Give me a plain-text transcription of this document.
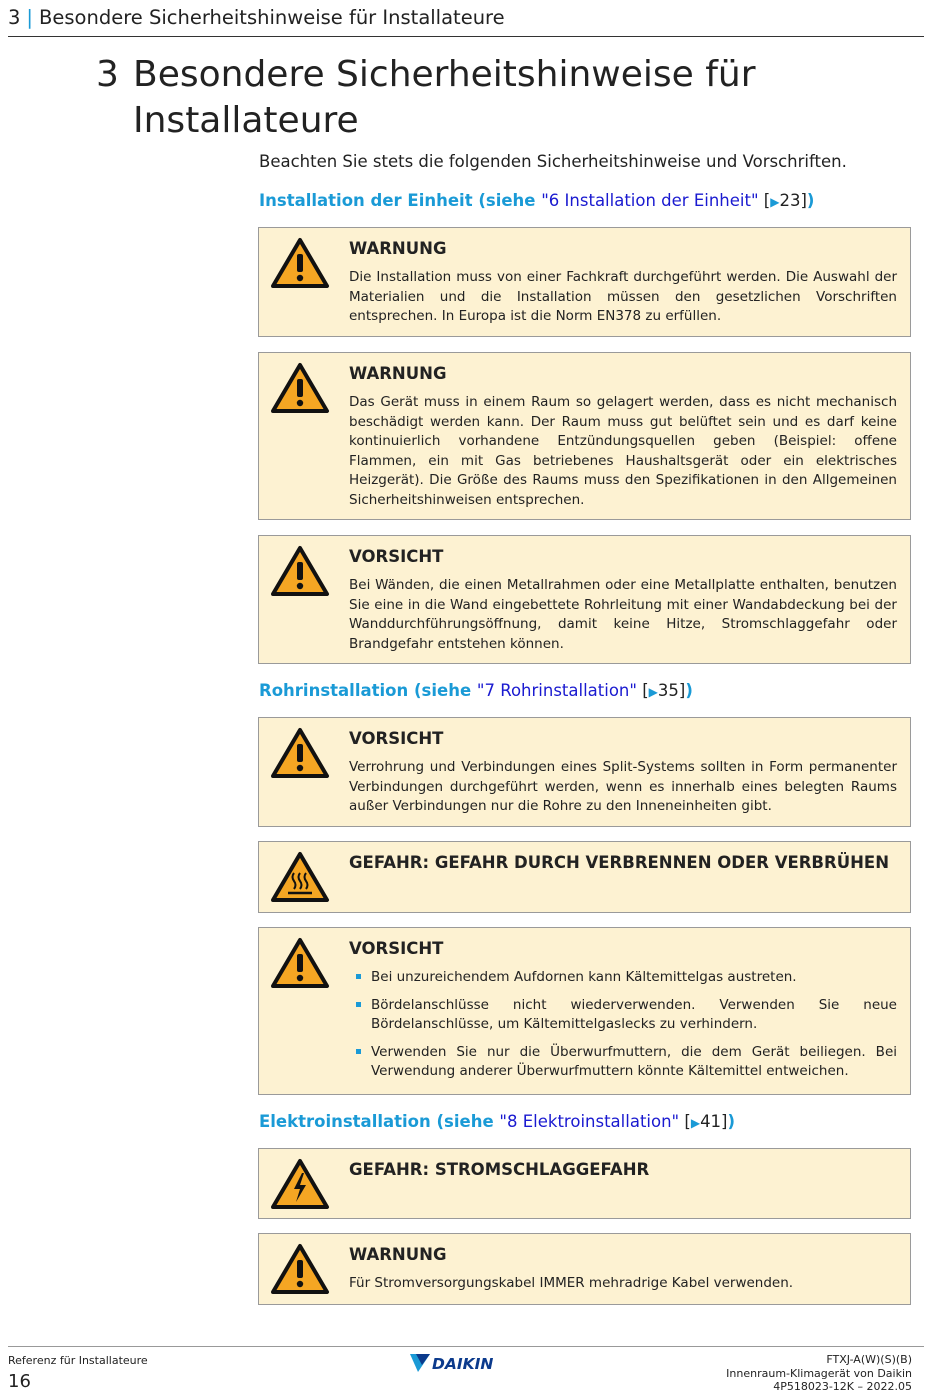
3 | Besondere Sicherheitshinweise für Installateure
3 Besondere Sicherheitshinweise für Installateure
Beachten Sie stets die folgenden Sicherheitshinweise und Vorschriften.
Installation der Einheit (siehe "6 Installation der Einheit" [▶23])
WARNUNG
Die Installation muss von einer Fachkraft durchgeführt werden. Die Auswahl der Materialien und die Installation müssen den gesetzlichen Vorschriften entsprechen. In Europa ist die Norm EN378 zu erfüllen.
WARNUNG
Das Gerät muss in einem Raum so gelagert werden, dass es nicht mechanisch beschädigt werden kann. Der Raum muss gut belüftet sein und es darf keine kontinuierlich vorhandene Entzündungsquellen geben (Beispiel: offene Flammen, ein mit Gas betriebenes Haushaltsgerät oder ein elektrisches Heizgerät). Die Größe des Raums muss den Spezifikationen in den Allgemeinen Sicherheitshinweisen entsprechen.
VORSICHT
Bei Wänden, die einen Metallrahmen oder eine Metallplatte enthalten, benutzen Sie eine in die Wand eingebettete Rohrleitung mit einer Wandabdeckung bei der Wanddurchführungsöffnung, damit keine Hitze, Stromschlaggefahr oder Brandgefahr entstehen können.
Rohrinstallation (siehe "7 Rohrinstallation" [▶35])
VORSICHT
Verrohrung und Verbindungen eines Split-Systems sollten in Form permanenter Verbindungen durchgeführt werden, wenn es innerhalb eines belegten Raums außer Verbindungen nur die Rohre zu den Inneneinheiten gibt.
GEFAHR: GEFAHR DURCH VERBRENNEN ODER VERBRÜHEN
VORSICHT
Bei unzureichendem Aufdornen kann Kältemittelgas austreten.
Bördelanschlüsse nicht wiederverwenden. Verwenden Sie neue Bördelanschlüsse, um Kältemittelgaslecks zu verhindern.
Verwenden Sie nur die Überwurfmuttern, die dem Gerät beiliegen. Bei Verwendung anderer Überwurfmuttern könnte Kältemittel entweichen.
Elektroinstallation (siehe "8 Elektroinstallation" [▶41])
GEFAHR: STROMSCHLAGGEFAHR
WARNUNG
Für Stromversorgungskabel IMMER mehradrige Kabel verwenden.
Referenz für Installateure
16
DAIKIN	FTXJ-A(W)(S)(B)
Innenraum-Klimagerät von Daikin
4P518023-12K – 2022.05
